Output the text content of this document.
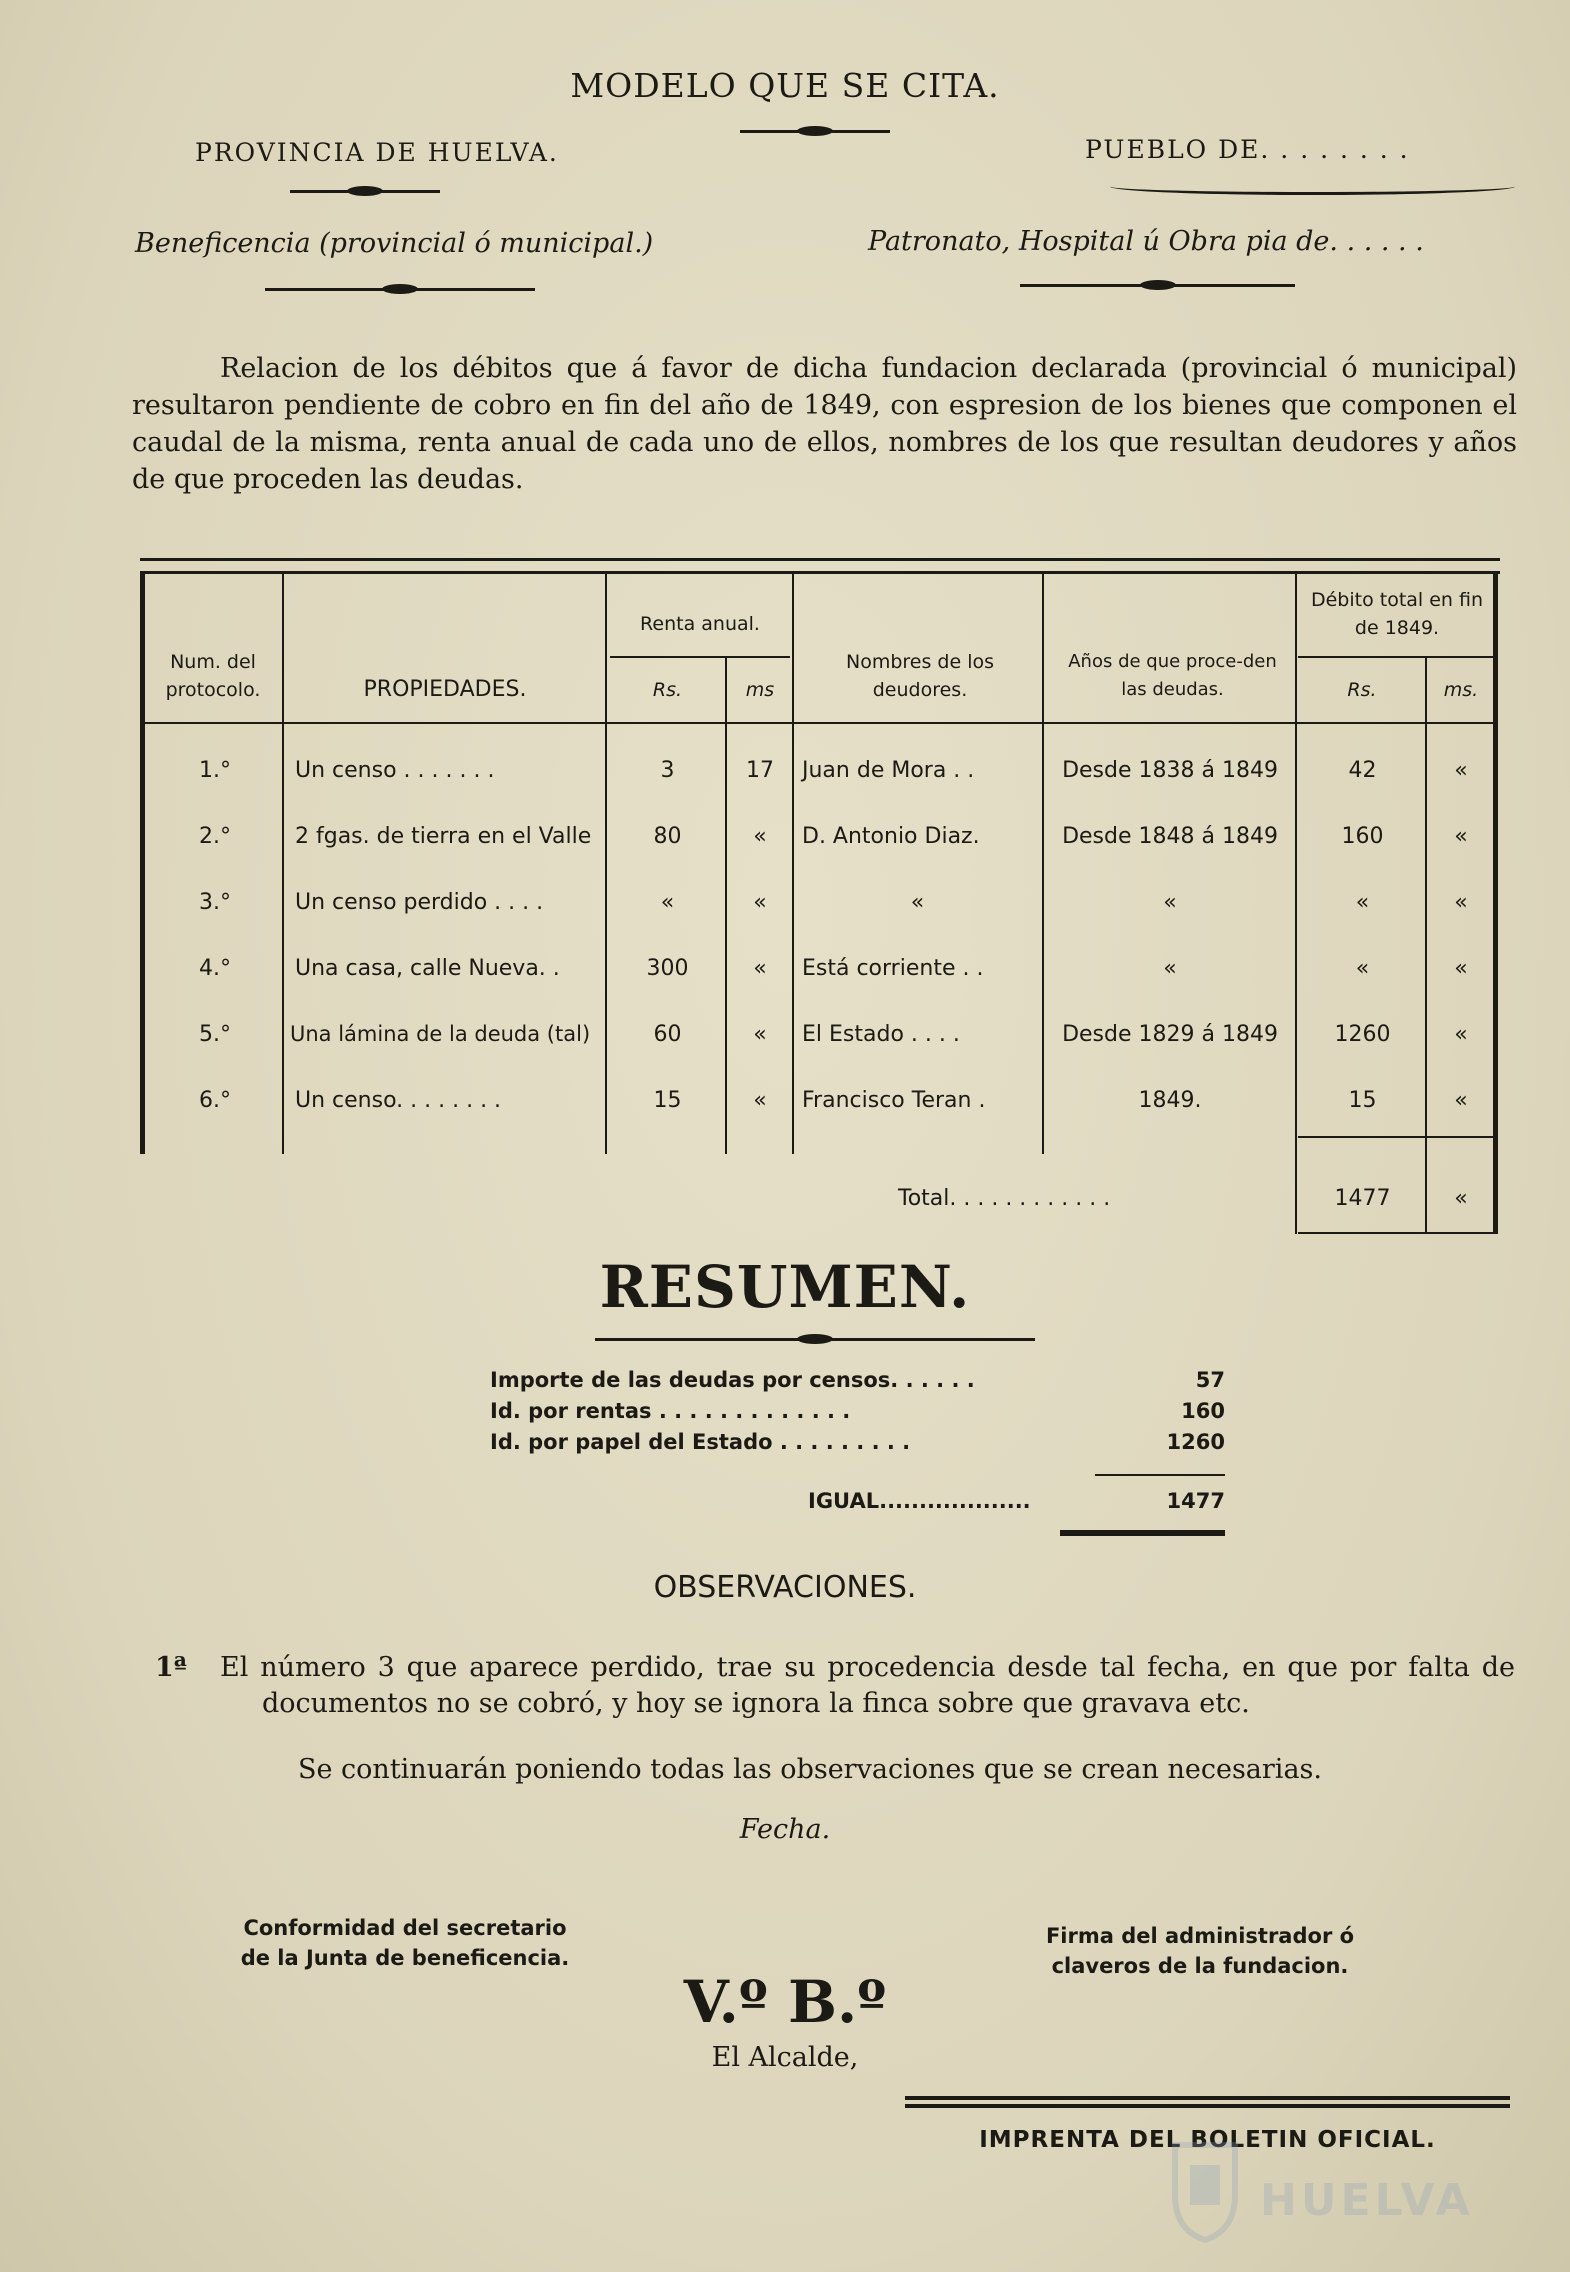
MODELO QUE SE CITA.
PROVINCIA DE HUELVA.	PUEBLO DE. . . . . . . .
Beneficencia (provincial ó municipal.)	Patronato, Hospital ú Obra pia de. . . . . .

Relacion de los débitos que á favor de dicha fundacion declarada (provincial ó municipal) resultaron pendiente de cobro en fin del año de 1849, con espresion de los bienes que componen el caudal de la misma, renta anual de cada uno de ellos, nombres de los que resultan deudores y años de que proceden las deudas.

Num. del protocolo.	PROPIEDADES.
Renta anual.
Rs.	ms
Nombres de los deudores.
Años de que proce-den las deudas.
Débito total en fin de 1849.
Rs.	ms.
1.°	Un censo . . . . . . .	3	17	Juan de Mora . .	Desde 1838 á 1849	42	«
2.°	2 fgas. de tierra en el Valle	80	«	D. Antonio Diaz.	Desde 1848 á 1849	160	«
3.°	Un censo perdido . . . .	«	«	«	«	«	«
4.°	Una casa, calle Nueva. .	300	«	Está corriente . .	«	«	«
5.°	Una lámina de la deuda (tal)	60	«	El Estado . . . .	Desde 1829 á 1849	1260	«
6.°	Un censo. . . . . . . .	15	«	Francisco Teran .	1849.	15	«
Total. . . . . . . . . . . .	1477	«
RESUMEN.
Importe de las deudas por censos. . . . . .	57
Id. por rentas . . . . . . . . . . . . .	160
Id. por papel del Estado . . . . . . . . .	1260
IGUAL...................	1477
OBSERVACIONES.
1ª El número 3 que aparece perdido, trae su procedencia desde tal fecha, en que por falta de
documentos no se cobró, y hoy se ignora la finca sobre que gravava etc.
Se continuarán poniendo todas las observaciones que se crean necesarias.
Fecha.
Conformidad del secretario
de la Junta de beneficencia.
Firma del administrador ó
claveros de la fundacion.
V.º B.º
El Alcalde,
IMPRENTA DEL BOLETIN OFICIAL.
HUELVA
